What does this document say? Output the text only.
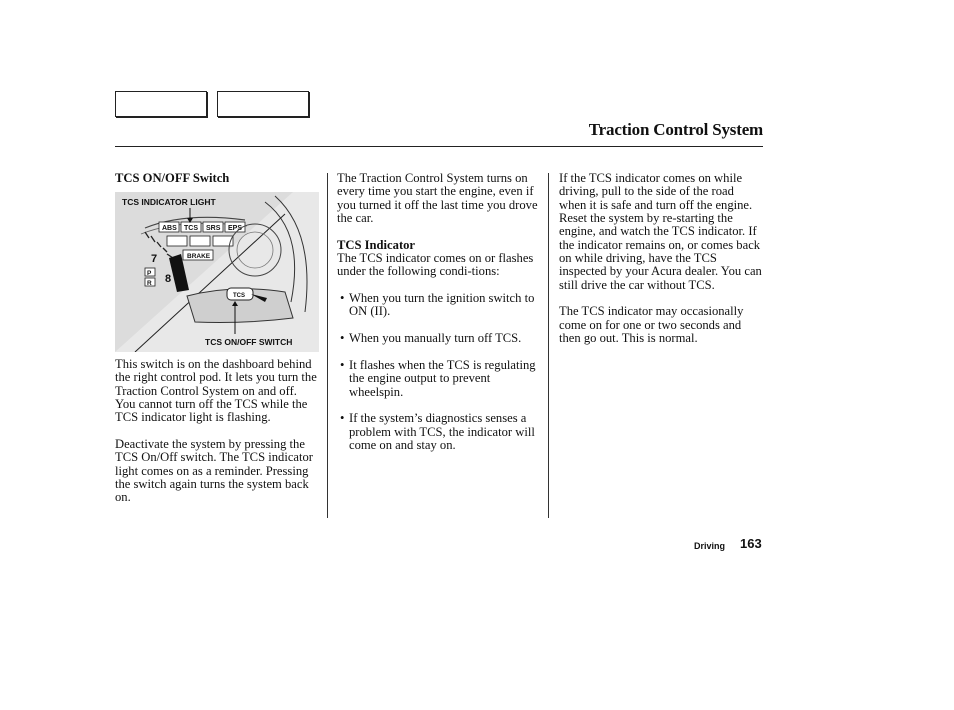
Traction Control System
TCS ON/OFF Switch
ABS TCS SRS EPS
BRAKE
7
8
P
R
TCS
TCS INDICATOR LIGHT
TCS ON/OFF SWITCH

This switch is on the dashboard behind the right control pod. It lets you turn the Traction Control System on and off. You cannot turn off the TCS while the TCS indicator light is flashing.

Deactivate the system by pressing the TCS On/Off switch. The TCS indicator light comes on as a reminder. Pressing the switch again turns the system back on.

The Traction Control System turns on every time you start the engine, even if you turned it off the last time you drove the car.

TCS Indicator

The TCS indicator comes on or flashes under the following condi-tions:

• When you turn the ignition switch to ON (II).
• When you manually turn off TCS.
• It flashes when the TCS is regulating the engine output to prevent wheelspin.
• If the system’s diagnostics senses a problem with TCS, the indicator will come on and stay on.

If the TCS indicator comes on while driving, pull to the side of the road when it is safe and turn off the engine. Reset the system by re-starting the engine, and watch the TCS indicator. If the indicator remains on, or comes back on while driving, have the TCS inspected by your Acura dealer. You can still drive the car without TCS.

The TCS indicator may occasionally come on for one or two seconds and then go out. This is normal.

Driving 163
